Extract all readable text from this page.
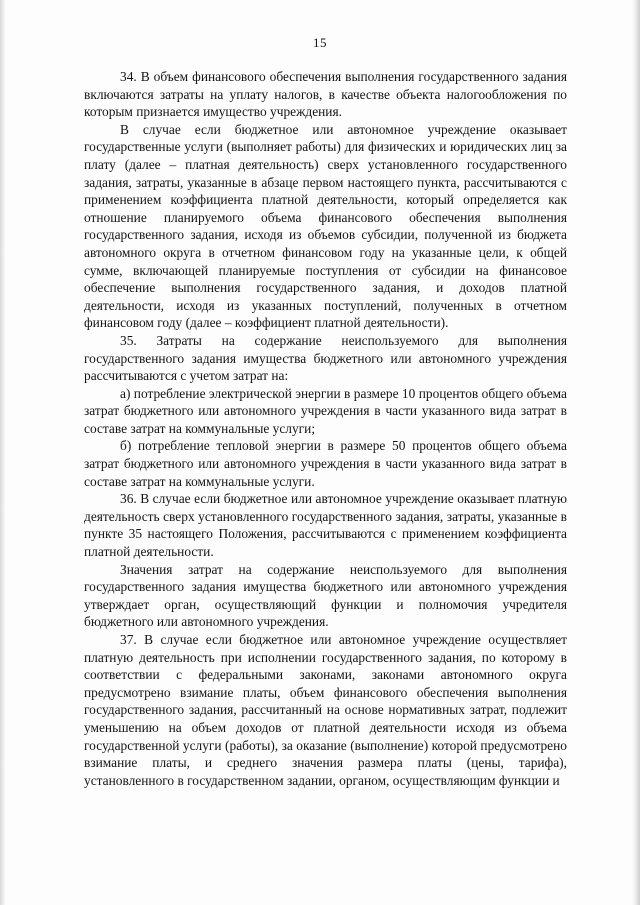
15

34. В объем финансового обеспечения выполнения государственного задания включаются затраты на уплату налогов, в качестве объекта налогообложения по которым признается имущество учреждения.

В случае если бюджетное или автономное учреждение оказывает государственные услуги (выполняет работы) для физических и юридических лиц за плату (далее – платная деятельность) сверх установленного государственного задания, затраты, указанные в абзаце первом настоящего пункта, рассчитываются с применением коэффициента платной деятельности, который определяется как отношение планируемого объема финансового обеспечения выполнения государственного задания, исходя из объемов субсидии, полученной из бюджета автономного округа в отчетном финансовом году на указанные цели, к общей сумме, включающей планируемые поступления от субсидии на финансовое обеспечение выполнения государственного задания, и доходов платной деятельности, исходя из указанных поступлений, полученных в отчетном финансовом году (далее – коэффициент платной деятельности).

35. Затраты на содержание неиспользуемого для выполнения государственного задания имущества бюджетного или автономного учреждения рассчитываются с учетом затрат на:

а) потребление электрической энергии в размере 10 процентов общего объема затрат бюджетного или автономного учреждения в части указанного вида затрат в составе затрат на коммунальные услуги;

б) потребление тепловой энергии в размере 50 процентов общего объема затрат бюджетного или автономного учреждения в части указанного вида затрат в составе затрат на коммунальные услуги.

36. В случае если бюджетное или автономное учреждение оказывает платную деятельность сверх установленного государственного задания, затраты, указанные в пункте 35 настоящего Положения, рассчитываются с применением коэффициента платной деятельности.

Значения затрат на содержание неиспользуемого для выполнения государственного задания имущества бюджетного или автономного учреждения утверждает орган, осуществляющий функции и полномочия учредителя бюджетного или автономного учреждения.

37. В случае если бюджетное или автономное учреждение осуществляет платную деятельность при исполнении государственного задания, по которому в соответствии с федеральными законами, законами автономного округа предусмотрено взимание платы, объем финансового обеспечения выполнения государственного задания, рассчитанный на основе нормативных затрат, подлежит уменьшению на объем доходов от платной деятельности исходя из объема государственной услуги (работы), за оказание (выполнение) которой предусмотрено взимание платы, и среднего значения размера платы (цены, тарифа), установленного в государственном задании, органом, осуществляющим функции и
